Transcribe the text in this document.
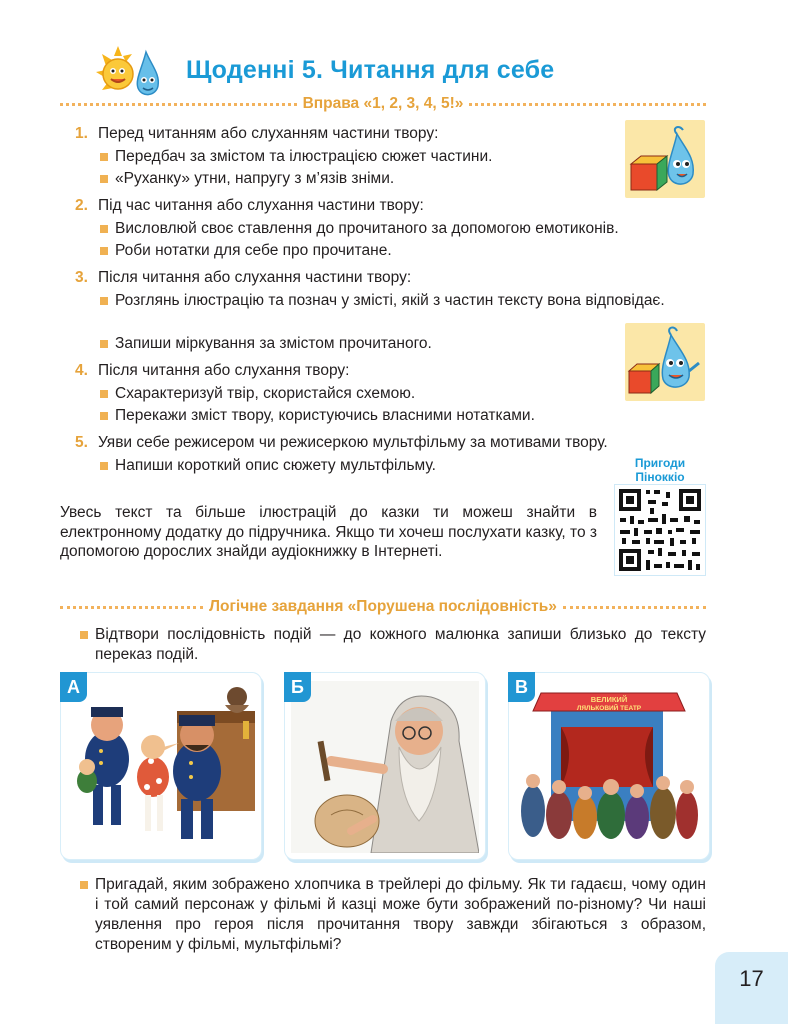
Щоденні 5. Читання для себе
Вправа «1, 2, 3, 4, 5!»
1. Перед читанням або слуханням частини твору:
Передбач за змістом та ілюстрацією сюжет частини.
«Руханку» утни, напругу з м’язів зніми.
2. Під час читання або слухання частини твору:
Висловлюй своє ставлення до прочитаного за допомогою емотиконів.
Роби нотатки для себе про прочитане.
3. Після читання або слухання частини твору:
Розглянь ілюстрацію та познач у змісті, якій з частин тексту вона відповідає.
Запиши міркування за змістом прочитаного.
4. Після читання або слухання твору:
Схарактеризуй твір, скористайся схемою.
Перекажи зміст твору, користуючись власними нотатками.
5. Уяви себе режисером чи режисеркою мультфільму за мотивами твору.
Напиши короткий опис сюжету мультфільму.	Пригоди
Піноккіо
Увесь текст та більше ілюстрацій до казки ти можеш знайти в електронному додатку до підручника. Якщо ти хочеш послухати казку, то з допомогою дорослих знайди аудіокнижку в Інтернеті.
Логічне завдання «Порушена послідовність»
Відтвори послідовність подій — до кожного малюнка запиши близько до тексту переказ подій.
А	Б
ВЕЛИКИЙ
ЛЯЛЬКОВИЙ ТЕАТР
В
Пригадай, яким зображено хлопчика в трейлері до фільму. Як ти гадаєш, чому один і той самий персонаж у фільмі й казці може бути зображений по-різному? Чи наші уявлення про героя після прочитання твору завжди збігаються з образом, створеним у фільмі, мультфільмі?
17
